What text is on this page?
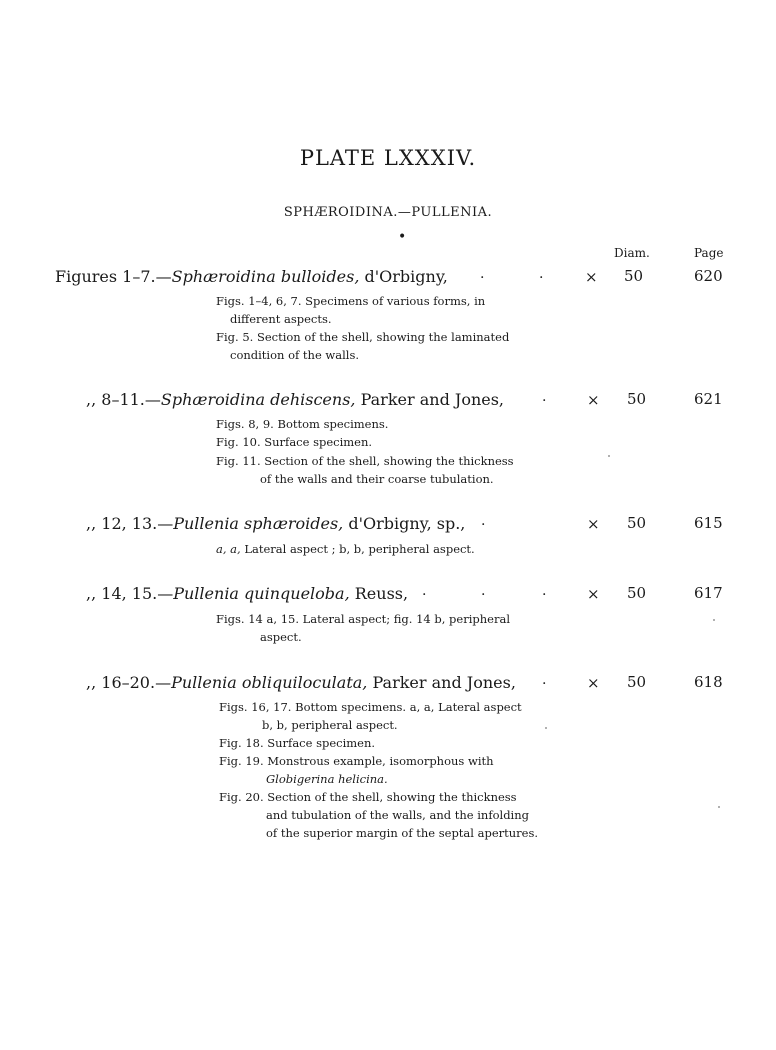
PLATE LXXXIV.
SPHÆROIDINA.—PULLENIA.
•
Diam.	Page
Figures 1–7.—Sphæroidina bulloides, d'Orbigny, .	.	× 50	620
Figs. 1–4, 6, 7. Specimens of various forms, in
different aspects.
Fig. 5. Section of the shell, showing the laminated
condition of the walls.
,, 8–11.—Sphæroidina dehiscens, Parker and Jones,	.	× 50	621
Figs. 8, 9. Bottom specimens.
Fig. 10. Surface specimen.
Fig. 11. Section of the shell, showing the thickness
of the walls and their coarse tubulation.
,, 12, 13.—Pullenia sphæroides, d'Orbigny, sp., .	× 50	615
a, a, Lateral aspect ; b, b, peripheral aspect.
,, 14, 15.—Pullenia quinqueloba, Reuss, .	.	.	× 50	617
Figs. 14 a, 15. Lateral aspect; fig. 14 b, peripheral
aspect.
,, 16–20.—Pullenia obliquiloculata, Parker and Jones, .	× 50	618
Figs. 16, 17. Bottom specimens. a, a, Lateral aspect
b, b, peripheral aspect.
Fig. 18. Surface specimen.
Fig. 19. Monstrous example, isomorphous with
Globigerina helicina.
Fig. 20. Section of the shell, showing the thickness
and tubulation of the walls, and the infolding
of the superior margin of the septal apertures.
